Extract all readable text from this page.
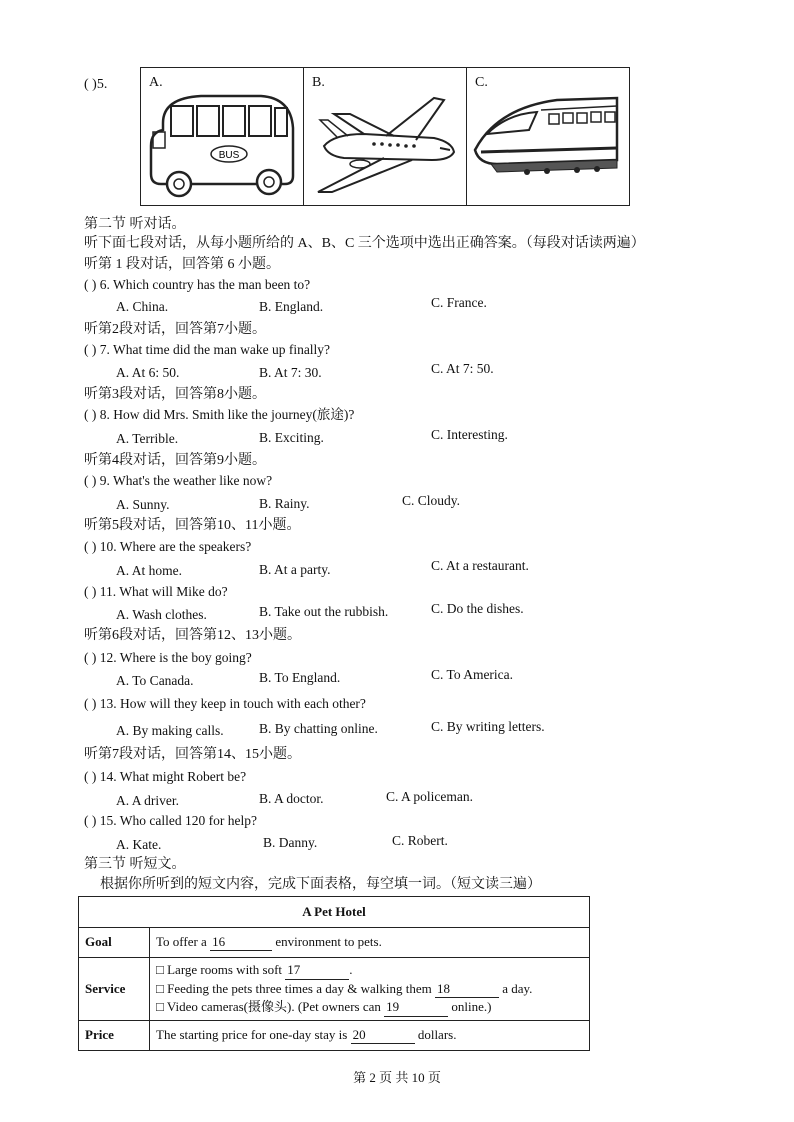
( )5.	A.
BUS
B.	C.
第二节 听对话。
听下面七段对话，从每小题所给的 A、B、C 三个选项中选出正确答案。（每段对话读两遍）
听第 1 段对话，回答第 6 小题。
( ) 6. Which country has the man been to?
A. China.	B. England.	C. France.
听第2段对话，回答第7小题。
( ) 7. What time did the man wake up finally?
A. At 6: 50.	B. At 7: 30.	C. At 7: 50.
听第3段对话，回答第8小题。
( ) 8. How did Mrs. Smith like the journey(旅途)?
A. Terrible.	B. Exciting.	C. Interesting.
听第4段对话，回答第9小题。
( ) 9. What's the weather like now?
A. Sunny.	B. Rainy.	C. Cloudy.
听第5段对话，回答第10、11小题。
( ) 10. Where are the speakers?
A. At home.	B. At a party.	C. At a restaurant.
( ) 11. What will Mike do?
A. Wash clothes.	B. Take out the rubbish.	C. Do the dishes.
听第6段对话，回答第12、13小题。
( ) 12. Where is the boy going?
A. To Canada.	B. To England.	C. To America.
( ) 13. How will they keep in touch with each other?
A. By making calls.	B. By chatting online.	C. By writing letters.
听第7段对话，回答第14、15小题。
( ) 14. What might Robert be?
A. A driver.	B. A doctor.	C. A policeman.
( ) 15. Who called 120 for help?
A. Kate.	B. Danny.	C. Robert.
第三节 听短文。
根据你所听到的短文内容，完成下面表格，每空填一词。（短文读三遍）
A Pet Hotel	
Goal	To offer a 16 environment to pets.
Service	□ Large rooms with soft 17 .
□ Feeding the pets three times a day & walking them 18 a day.
□ Video cameras(摄像头). (Pet owners can 19 online.)

Price	The starting price for one-day stay is 20 dollars.
第 2 页 共 10 页
